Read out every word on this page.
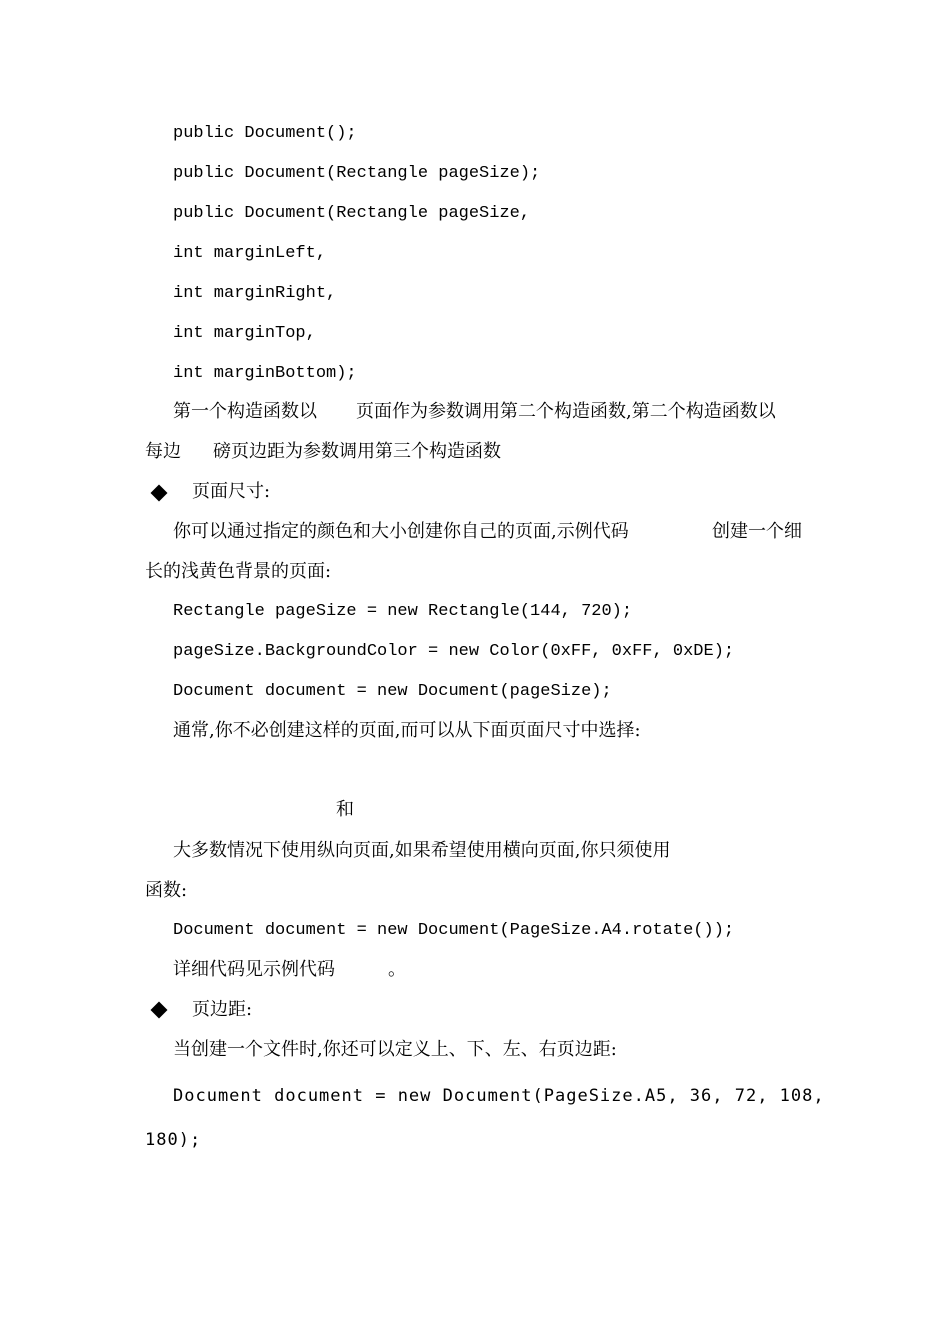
public Document();
public Document(Rectangle pageSize);
public Document(Rectangle pageSize,
int marginLeft,
int marginRight,
int marginTop,
int marginBottom);
第一个构造函数以 页面作为参数调用第二个构造函数,第二个构造函数以
每边 磅页边距为参数调用第三个构造函数
页面尺寸:
你可以通过指定的颜色和大小创建你自己的页面,示例代码	创建一个细
长的浅黄色背景的页面:
Rectangle pageSize = new Rectangle(144, 720);
pageSize.BackgroundColor = new Color(0xFF, 0xFF, 0xDE);
Document document = new Document(pageSize);
通常,你不必创建这样的页面,而可以从下面页面尺寸中选择:
和
大多数情况下使用纵向页面,如果希望使用横向页面,你只须使用
函数:
Document document = new Document(PageSize.A4.rotate());
详细代码见示例代码	。
页边距:
当创建一个文件时,你还可以定义上、下、左、右页边距:
Document document = new Document(PageSize.A5, 36, 72, 108,
180);
